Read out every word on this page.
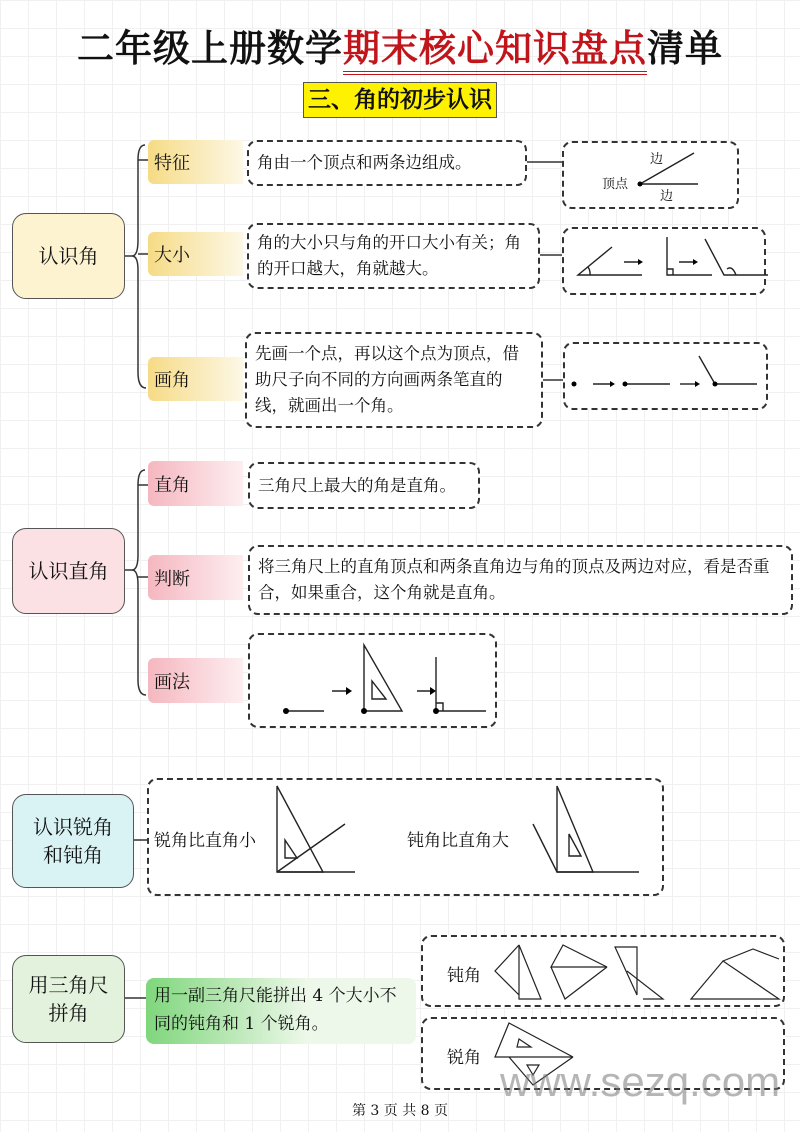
二年级上册数学期末核心知识盘点清单
三、角的初步认识
认识角
特征
大小
画角
角由一个顶点和两条边组成。
角的大小只与角的开口大小有关；角的开口越大，角就越大。
先画一个点，再以这个点为顶点，借助尺子向不同的方向画两条笔直的线，就画出一个角。
顶点
边
边
认识直角
直角
判断
画法
三角尺上最大的角是直角。
将三角尺上的直角顶点和两条直角边与角的顶点及两边对应，看是否重合，如果重合，这个角就是直角。
认识锐角和钝角
锐角比直角小	钝角比直角大
用三角尺拼角
用一副三角尺能拼出 4 个大小不同的钝角和 1 个锐角。
钝角
锐角 www.sezq.com
第 3 页 共 8 页
